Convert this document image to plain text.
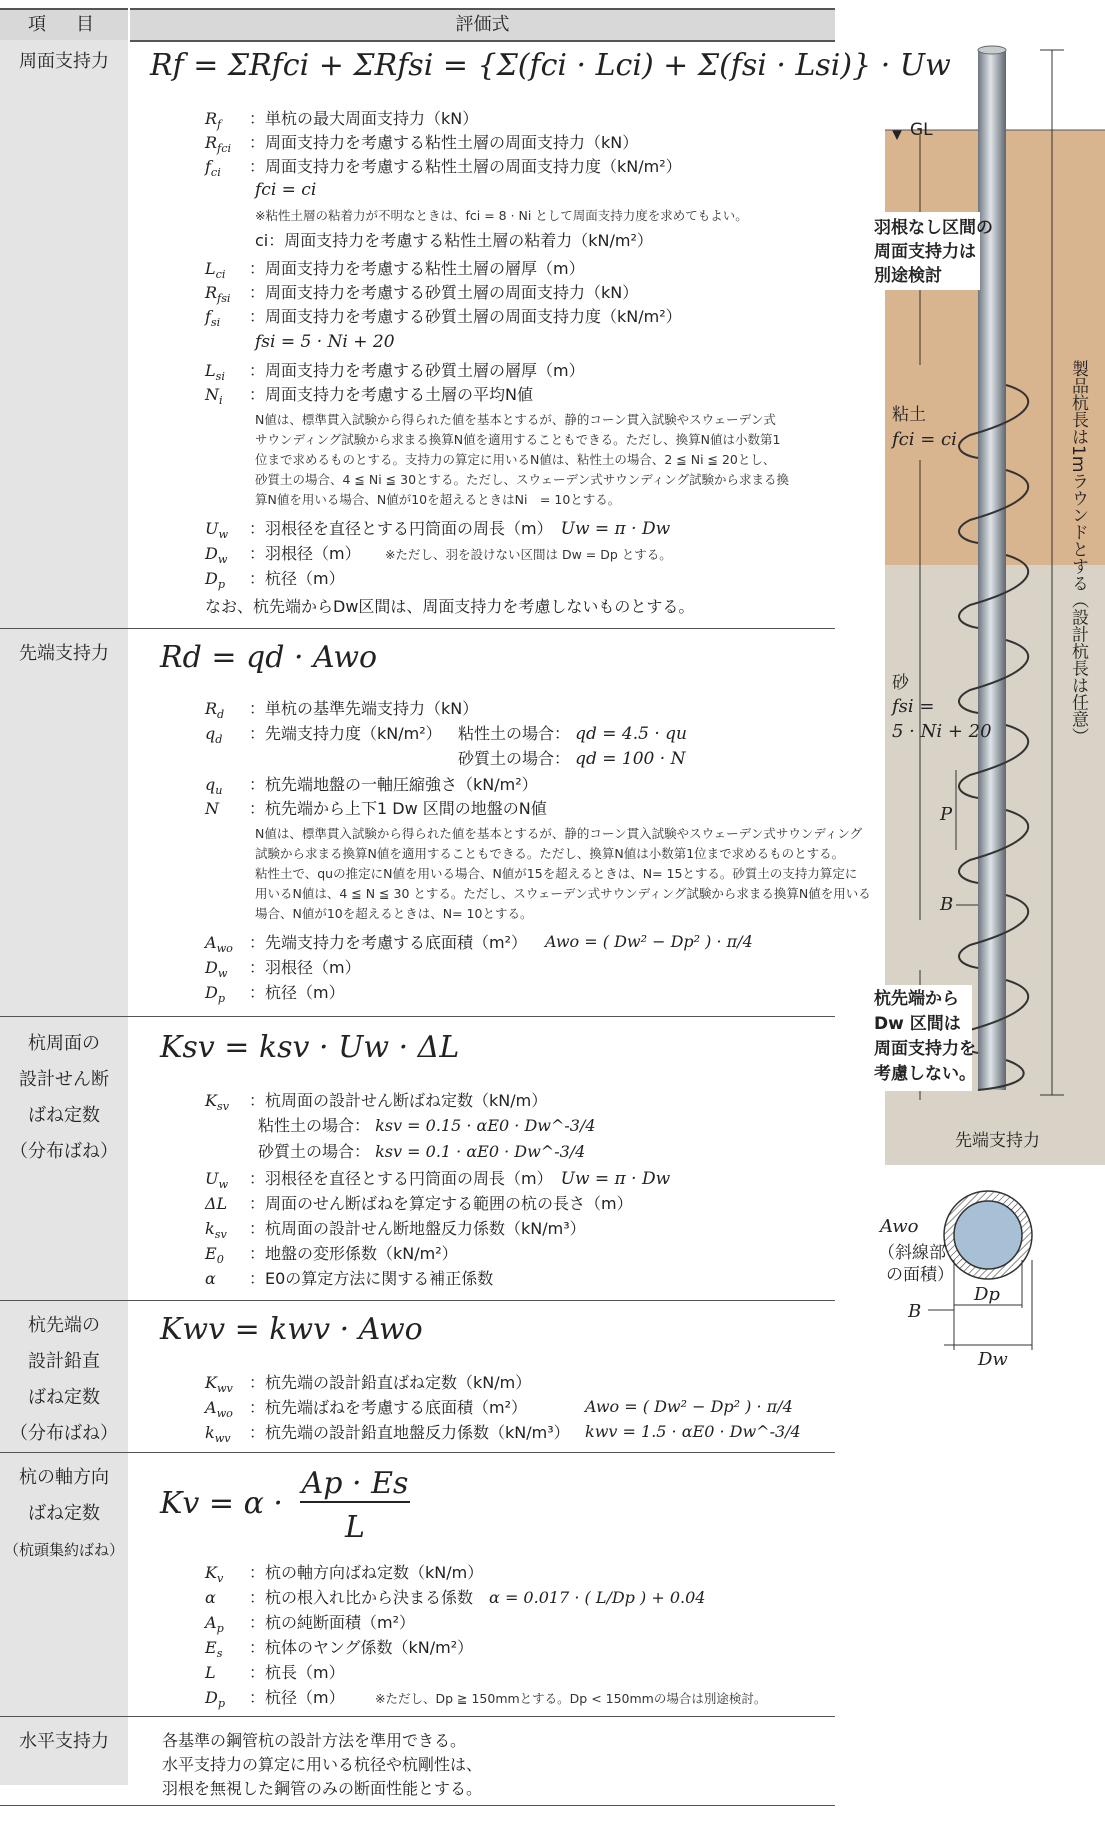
項　目	評価式
周面支持力	Rf = ΣRfci + ΣRfsi = {Σ(fci · Lci) + Σ(fsi · Lsi)} · Uw
$R_f$ ：単杭の最大周面支持力（kN）
$R_{fci}$ ：周面支持力を考慮する粘性土層の周面支持力（kN）
$f_{ci}$ ：周面支持力を考慮する粘性土層の周面支持力度（kN/m²）
fci = ci
※粘性土層の粘着力が不明なときは、fci = 8 · Ni として周面支持力度を求めてもよい。
ci：周面支持力を考慮する粘性土層の粘着力（kN/m²）
$L_{ci}$ ：周面支持力を考慮する粘性土層の層厚（m）
$R_{fsi}$ ：周面支持力を考慮する砂質土層の周面支持力（kN）
$f_{si}$ ：周面支持力を考慮する砂質土層の周面支持力度（kN/m²）
fsi = 5 · Ni + 20
$L_{si}$ ：周面支持力を考慮する砂質土層の層厚（m）
$N_i$ ：周面支持力を考慮する土層の平均N値
N値は、標準貫入試験から得られた値を基本とするが、静的コーン貫入試験やスウェーデン式
サウンディング試験から求まる換算N値を適用することもできる。ただし、換算N値は小数第1
位まで求めるものとする。支持力の算定に用いるN値は、粘性土の場合、2 ≦ Ni ≦ 20とし、
砂質土の場合、4 ≦ Ni ≦ 30とする。ただし、スウェーデン式サウンディング試験から求まる換
算N値を用いる場合、N値が10を超えるときはNi　= 10とする。
$U_w$ ：羽根径を直径とする円筒面の周長（m）　 Uw = π · Dw
$D_w$ ：羽根径（m） ※ただし、羽を設けない区間は Dw = Dp とする。
$D_p$ ：杭径（m）
なお、杭先端からDw区間は、周面支持力を考慮しないものとする。
先端支持力	Rd = qd · Awo
$R_d$ ：単杭の基準先端支持力（kN）
$q_d$ ：先端支持力度（kN/m²） 粘性土の場合： qd = 4.5 · qu
砂質土の場合： qd = 100 · N
$q_u$ ：杭先端地盤の一軸圧縮強さ（kN/m²）
N ：杭先端から上下1 Dw 区間の地盤のN値
N値は、標準貫入試験から得られた値を基本とするが、静的コーン貫入試験やスウェーデン式サウンディング
試験から求まる換算N値を適用することもできる。ただし、換算N値は小数第1位まで求めるものとする。
粘性土で、quの推定にN値を用いる場合、N値が15を超えるときは、N= 15とする。砂質土の支持力算定に
用いるN値は、4 ≦ N ≦ 30 とする。ただし、スウェーデン式サウンディング試験から求まる換算N値を用いる
場合、N値が10を超えるときは、N= 10とする。
$A_{wo}$ ：先端支持力を考慮する底面積（m²） Awo = ( Dw² − Dp² ) · π/4
$D_w$ ：羽根径（m）
$D_p$ ：杭径（m）
杭周面の
設計せん断
ばね定数
（分布ばね）
Ksv = ksv · Uw · ΔL
$K_{sv}$ ：杭周面の設計せん断ばね定数（kN/m）
粘性土の場合： ksv = 0.15 · αE0 · Dw^-3/4
砂質土の場合： ksv = 0.1 · αE0 · Dw^-3/4
$U_w$ ：羽根径を直径とする円筒面の周長（m）　 Uw = π · Dw
ΔL ：周面のせん断ばねを算定する範囲の杭の長さ（m）
$k_{sv}$ ：杭周面の設計せん断地盤反力係数（kN/m³）
$E_0$ ：地盤の変形係数（kN/m²）
α ：E0の算定方法に関する補正係数
杭先端の
設計鉛直
ばね定数
（分布ばね）
Kwv = kwv · Awo
$K_{wv}$ ：杭先端の設計鉛直ばね定数（kN/m）
$A_{wo}$ ：杭先端ばねを考慮する底面積（m²）	Awo = ( Dw² − Dp² ) · π/4
$k_{wv}$ ：杭先端の設計鉛直地盤反力係数（kN/m³） kwv = 1.5 · αE0 · Dw^-3/4
杭の軸方向
ばね定数
（杭頭集約ばね）
Kv = α ·
Ap · Es
L
$K_v$ ：杭の軸方向ばね定数（kN/m）
α ：杭の根入れ比から決まる係数　 α = 0.017 · ( L/Dp ) + 0.04
$A_p$ ：杭の純断面積（m²）
$E_s$ ：杭体のヤング係数（kN/m²）
L ：杭長（m）
$D_p$ ：杭径（m） ※ただし、Dp ≧ 150mmとする。Dp < 150mmの場合は別途検討。
水平支持力	各基準の鋼管杭の設計方法を準用できる。
水平支持力の算定に用いる杭径や杭剛性は、
羽根を無視した鋼管のみの断面性能とする。
GL
製品杭長は1mラウンドとする（設計杭長は任意）
羽根なし区間の
周面支持力は
別途検討
粘土
fci = ci
砂
fsi =
5 · Ni + 20
P
B
杭先端から
Dw 区間は
周面支持力を
考慮しない。
先端支持力
Awo
（斜線部
の面積）
Dp
B
Dw
